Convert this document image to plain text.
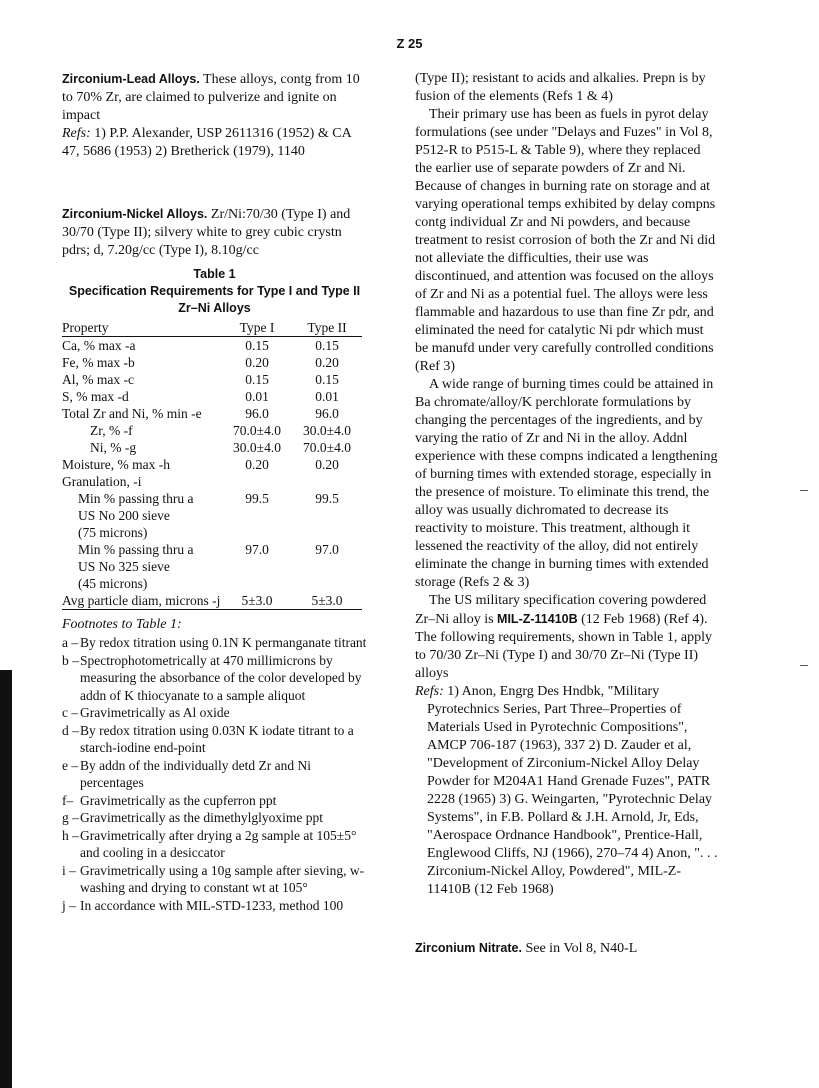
Z 25

Zirconium-Lead Alloys. These alloys, contg from 10 to 70% Zr, are claimed to pulverize and ignite on impact

Refs: 1) P.P. Alexander, USP 2611316 (1952) & CA 47, 5686 (1953) 2) Bretherick (1979), 1140

Zirconium-Nickel Alloys. Zr/Ni:70/30 (Type I) and 30/70 (Type II); silvery white to grey cubic crystn pdrs; d, 7.20g/cc (Type I), 8.10g/cc

Table 1
Specification Requirements for Type I and Type II
Zr–Ni Alloys
Property	Type I	Type II
Ca, % max -a	0.15	0.15
Fe, % max -b	0.20	0.20
Al, % max -c	0.15	0.15
S, % max -d	0.01	0.01
Total Zr and Ni, % min -e	96.0	96.0
Zr, % -f	70.0±4.0	30.0±4.0
Ni, % -g	30.0±4.0	70.0±4.0
Moisture, % max -h	0.20	0.20
Granulation, -i		
Min % passing thru a	99.5	99.5
US No 200 sieve		
(75 microns)		
Min % passing thru a	97.0	97.0
US No 325 sieve		
(45 microns)		
Avg particle diam, microns -j	5±3.0	5±3.0

Footnotes to Table 1:

a – By redox titration using 0.1N K permanganate titrant
b – Spectrophotometrically at 470 millimicrons by measuring the absorbance of the color developed by addn of K thiocyanate to a sample aliquot
c – Gravimetrically as Al oxide
d – By redox titration using 0.03N K iodate titrant to a starch-iodine end-point
e – By addn of the individually detd Zr and Ni percentages
f– Gravimetrically as the cupferron ppt
g – Gravimetrically as the dimethylglyoxime ppt
h – Gravimetrically after drying a 2g sample at 105±5° and cooling in a desiccator
i – Gravimetrically using a 10g sample after sieving, w-washing and drying to constant wt at 105°
j – In accordance with MIL-STD-1233, method 100

(Type II); resistant to acids and alkalies. Prepn is by fusion of the elements (Refs 1 & 4)

Their primary use has been as fuels in pyrot delay formulations (see under "Delays and Fuzes" in Vol 8, P512-R to P515-L & Table 9), where they replaced the earlier use of separate powders of Zr and Ni. Because of changes in burning rate on storage and at varying operational temps exhibited by delay compns contg individual Zr and Ni powders, and because treatment to resist corrosion of both the Zr and Ni did not alleviate the difficulties, their use was discontinued, and attention was focused on the alloys of Zr and Ni as a potential fuel. The alloys were less flammable and hazardous to use than fine Zr pdr, and eliminated the need for catalytic Ni pdr which must be manufd under very carefully controlled conditions (Ref 3)

A wide range of burning times could be attained in Ba chromate/alloy/K perchlorate formulations by changing the percentages of the ingredients, and by varying the ratio of Zr and Ni in the alloy. Addnl experience with these compns indicated a lengthening of burning times with extended storage, especially in the presence of moisture. To eliminate this trend, the alloy was usually dichromated to decrease its reactivity to moisture. This treatment, although it lessened the reactivity of the alloy, did not entirely eliminate the change in burning times with extended storage (Refs 2 & 3)

The US military specification covering powdered Zr–Ni alloy is MIL-Z-11410B (12 Feb 1968) (Ref 4). The following requirements, shown in Table 1, apply to 70/30 Zr–Ni (Type I) and 30/70 Zr–Ni (Type II) alloys

Refs: 1) Anon, Engrg Des Hndbk, "Military Pyrotechnics Series, Part Three–Properties of Materials Used in Pyrotechnic Compositions", AMCP 706-187 (1963), 337 2) D. Zauder et al, "Development of Zirconium-Nickel Alloy Delay Powder for M204A1 Hand Grenade Fuzes", PATR 2228 (1965) 3) G. Weingarten, "Pyrotechnic Delay Systems", in F.B. Pollard & J.H. Arnold, Jr, Eds, "Aerospace Ordnance Handbook", Prentice-Hall, Englewood Cliffs, NJ (1966), 270–74 4) Anon, ". . . Zirconium-Nickel Alloy, Powdered", MIL-Z-11410B (12 Feb 1968)

Zirconium Nitrate. See in Vol 8, N40-L
